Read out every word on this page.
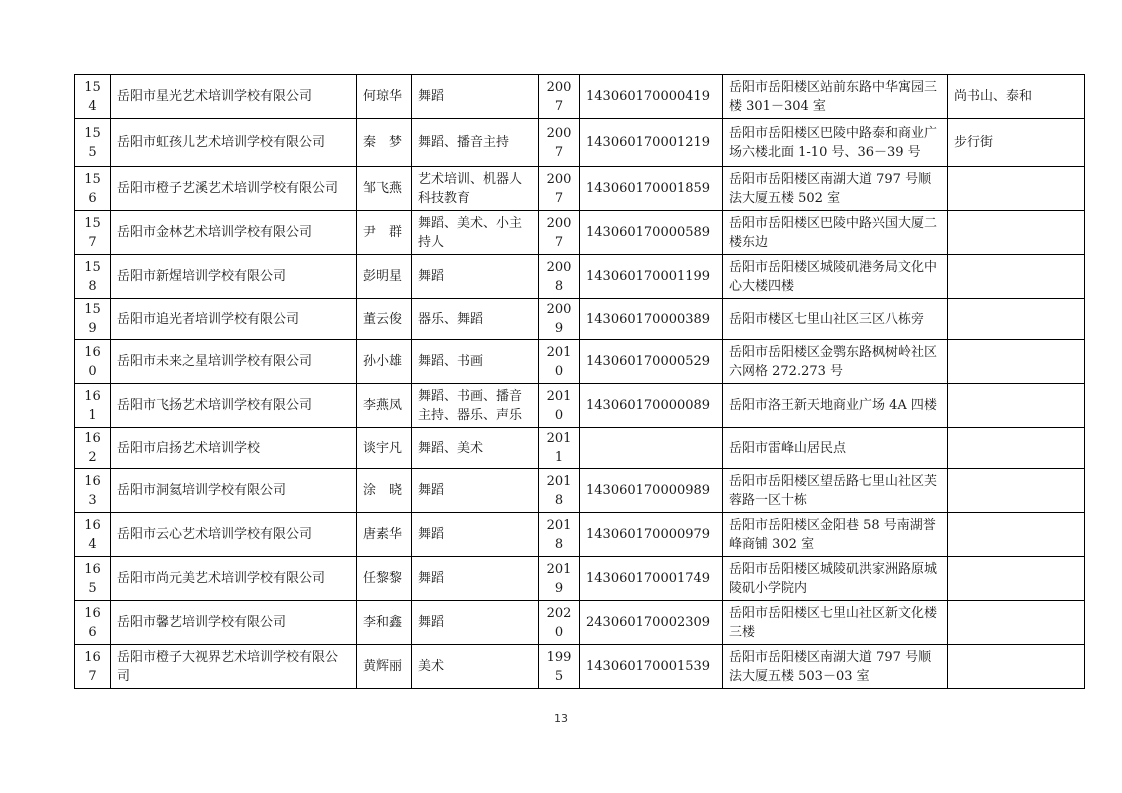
154	岳阳市星光艺术培训学校有限公司	何琼华	舞蹈	2007	143060170000419	岳阳市岳阳楼区站前东路中华寓园三楼 301－304 室	尚书山、泰和
155	岳阳市虹孩儿艺术培训学校有限公司	秦　梦	舞蹈、播音主持	2007	143060170001219	岳阳市岳阳楼区巴陵中路泰和商业广场六楼北面 1-10 号、36－39 号	步行街
156	岳阳市橙子艺溪艺术培训学校有限公司	邹飞燕	艺术培训、机器人科技教育	2007	143060170001859	岳阳市岳阳楼区南湖大道 797 号顺法大厦五楼 502 室	
157	岳阳市金林艺术培训学校有限公司	尹　群	舞蹈、美术、小主持人	2007	143060170000589	岳阳市岳阳楼区巴陵中路兴国大厦二楼东边	
158	岳阳市新煋培训学校有限公司	彭明星	舞蹈	2008	143060170001199	岳阳市岳阳楼区城陵矶港务局文化中心大楼四楼	
159	岳阳市追光者培训学校有限公司	董云俊	器乐、舞蹈	2009	143060170000389	岳阳市楼区七里山社区三区八栋旁	
160	岳阳市未来之星培训学校有限公司	孙小雄	舞蹈、书画	2010	143060170000529	岳阳市岳阳楼区金鹗东路枫树岭社区六网格 272.273 号	
161	岳阳市飞扬艺术培训学校有限公司	李燕凤	舞蹈、书画、播音主持、器乐、声乐	2010	143060170000089	岳阳市洛王新天地商业广场 4A 四楼	
162	岳阳市启扬艺术培训学校	谈宇凡	舞蹈、美术	2011		岳阳市雷峰山居民点	
163	岳阳市洞氦培训学校有限公司	涂　晓	舞蹈	2018	143060170000989	岳阳市岳阳楼区望岳路七里山社区芙蓉路一区十栋	
164	岳阳市云心艺术培训学校有限公司	唐素华	舞蹈	2018	143060170000979	岳阳市岳阳楼区金阳巷 58 号南湖誉峰商铺 302 室	
165	岳阳市尚元美艺术培训学校有限公司	任黎黎	舞蹈	2019	143060170001749	岳阳市岳阳楼区城陵矶洪家洲路原城陵矶小学院内	
166	岳阳市馨艺培训学校有限公司	李和鑫	舞蹈	2020	243060170002309	岳阳市岳阳楼区七里山社区新文化楼三楼	
167	岳阳市橙子大视界艺术培训学校有限公司	黄辉丽	美术	1995	143060170001539	岳阳市岳阳楼区南湖大道 797 号顺法大厦五楼 503－03 室	
13
